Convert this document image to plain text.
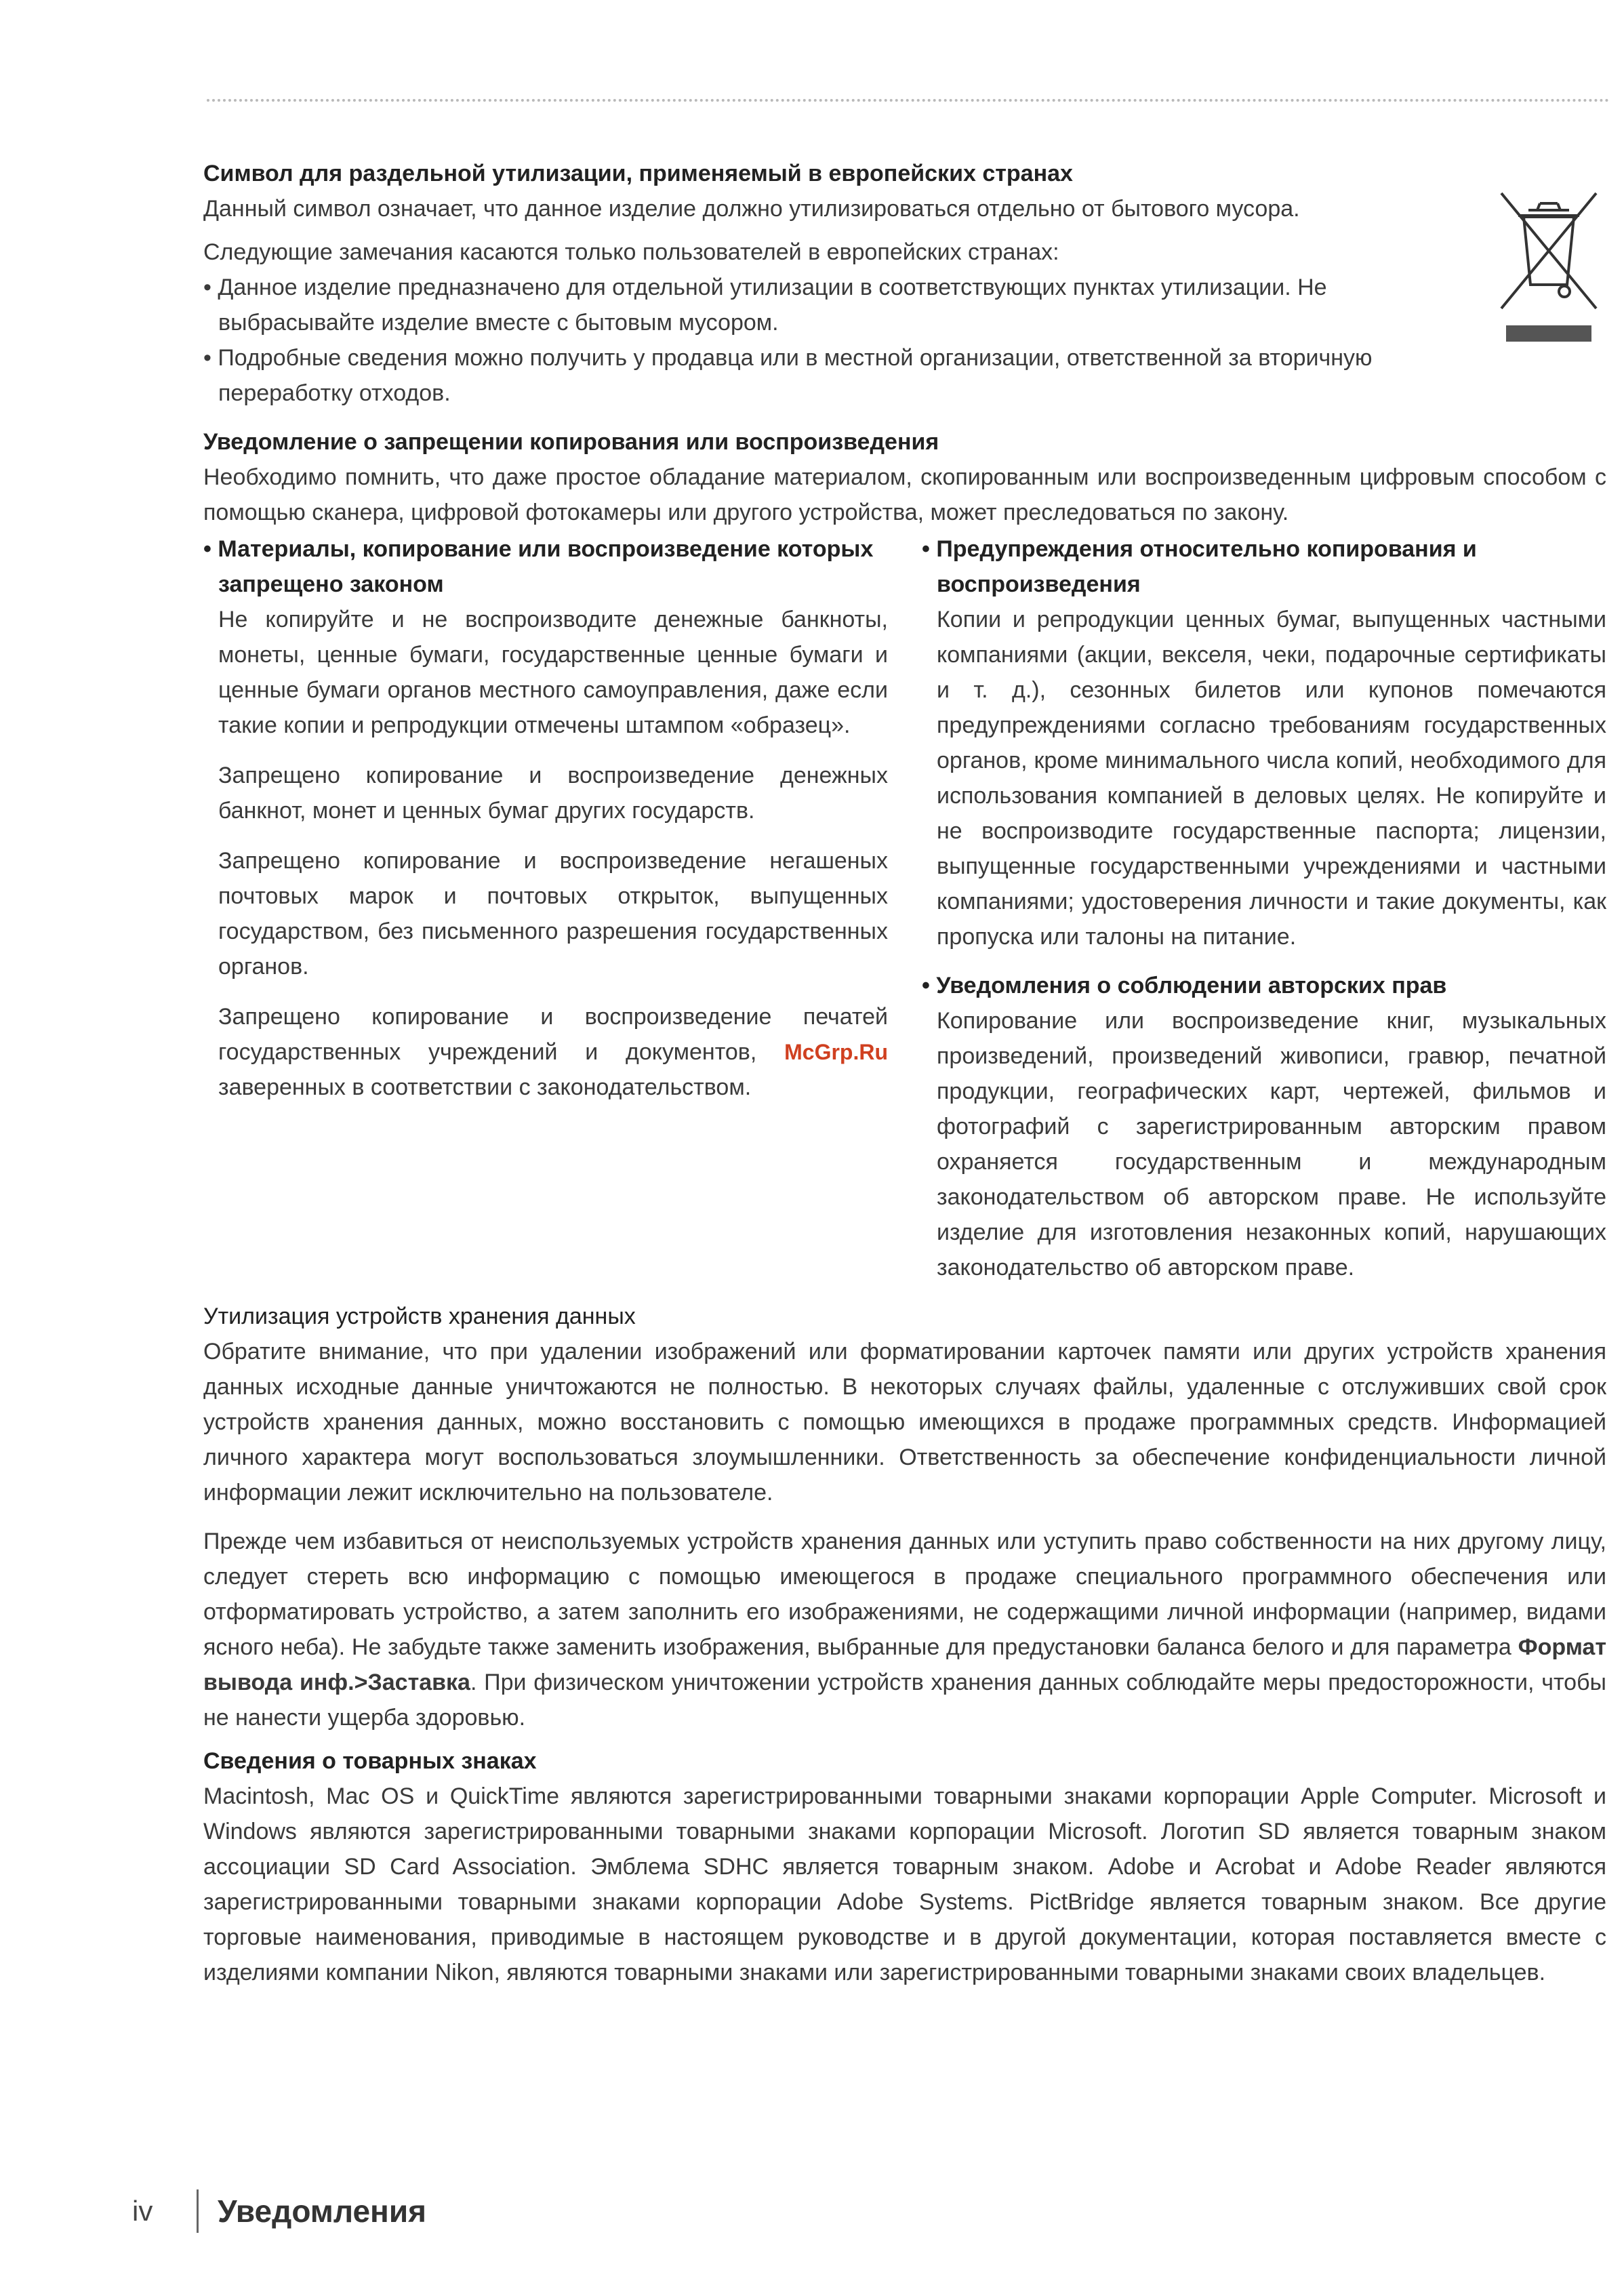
Символ для раздельной утилизации, применяемый в европейских странах

Данный символ означает, что данное изделие должно утилизироваться отдельно от бытового мусора.

Следующие замечания касаются только пользователей в европейских странах:

• Данное изделие предназначено для отдельной утилизации в соответствующих пунктах утилизации. Не выбрасывайте изделие вместе с бытовым мусором.

• Подробные сведения можно получить у продавца или в местной организации, ответственной за вторичную переработку отходов.

Уведомление о запрещении копирования или воспроизведения

Необходимо помнить, что даже простое обладание материалом, скопированным или воспроизведенным цифровым способом с помощью сканера, цифровой фотокамеры или другого устройства, может преследоваться по закону.

• Материалы, копирование или воспроизведение которых запрещено законом

Не копируйте и не воспроизводите денежные банкноты, монеты, ценные бумаги, государственные ценные бумаги и ценные бумаги органов местного самоуправления, даже если такие копии и репродукции отмечены штампом «образец».

Запрещено копирование и воспроизведение денежных банкнот, монет и ценных бумаг других государств.

Запрещено копирование и воспроизведение негашеных почтовых марок и почтовых открыток, выпущенных государством, без письменного разрешения государственных органов.

Запрещено копирование и воспроизведение печатей государственных учреждений и документов, McGrp.Ru заверенных в соответствии с законодательством.

• Предупреждения относительно копирования и воспроизведения

Копии и репродукции ценных бумаг, выпущенных частными компаниями (акции, векселя, чеки, подарочные сертификаты и т. д.), сезонных билетов или купонов помечаются предупреждениями согласно требованиям государственных органов, кроме минимального числа копий, необходимого для использования компанией в деловых целях. Не копируйте и не воспроизводите государственные паспорта; лицензии, выпущенные государственными учреждениями и частными компаниями; удостоверения личности и такие документы, как пропуска или талоны на питание.

• Уведомления о соблюдении авторских прав

Копирование или воспроизведение книг, музыкальных произведений, произведений живописи, гравюр, печатной продукции, географических карт, чертежей, фильмов и фотографий с зарегистрированным авторским правом охраняется государственным и международным законодательством об авторском праве. Не используйте изделие для изготовления незаконных копий, нарушающих законодательство об авторском праве.

Утилизация устройств хранения данных

Обратите внимание, что при удалении изображений или форматировании карточек памяти или других устройств хранения данных исходные данные уничтожаются не полностью. В некоторых случаях файлы, удаленные с отслуживших свой срок устройств хранения данных, можно восстановить с помощью имеющихся в продаже программных средств. Информацией личного характера могут воспользоваться злоумышленники. Ответственность за обеспечение конфиденциальности личной информации лежит исключительно на пользователе.

Прежде чем избавиться от неиспользуемых устройств хранения данных или уступить право собственности на них другому лицу, следует стереть всю информацию с помощью имеющегося в продаже специального программного обеспечения или отформатировать устройство, а затем заполнить его изображениями, не содержащими личной информации (например, видами ясного неба). Не забудьте также заменить изображения, выбранные для предустановки баланса белого и для параметра Формат вывода инф.>Заставка. При физическом уничтожении устройств хранения данных соблюдайте меры предосторожности, чтобы не нанести ущерба здоровью.

Сведения о товарных знаках

Macintosh, Mac OS и QuickTime являются зарегистрированными товарными знаками корпорации Apple Computer. Microsoft и Windows являются зарегистрированными товарными знаками корпорации Microsoft. Логотип SD является товарным знаком ассоциации SD Card Association. Эмблема SDHC является товарным знаком. Adobe и Acrobat и Adobe Reader являются зарегистрированными товарными знаками корпорации Adobe Systems. PictBridge является товарным знаком. Все другие торговые наименования, приводимые в настоящем руководстве и в другой документации, которая поставляется вместе с изделиями компании Nikon, являются товарными знаками или зарегистрированными товарными знаками своих владельцев.

iv	Уведомления
